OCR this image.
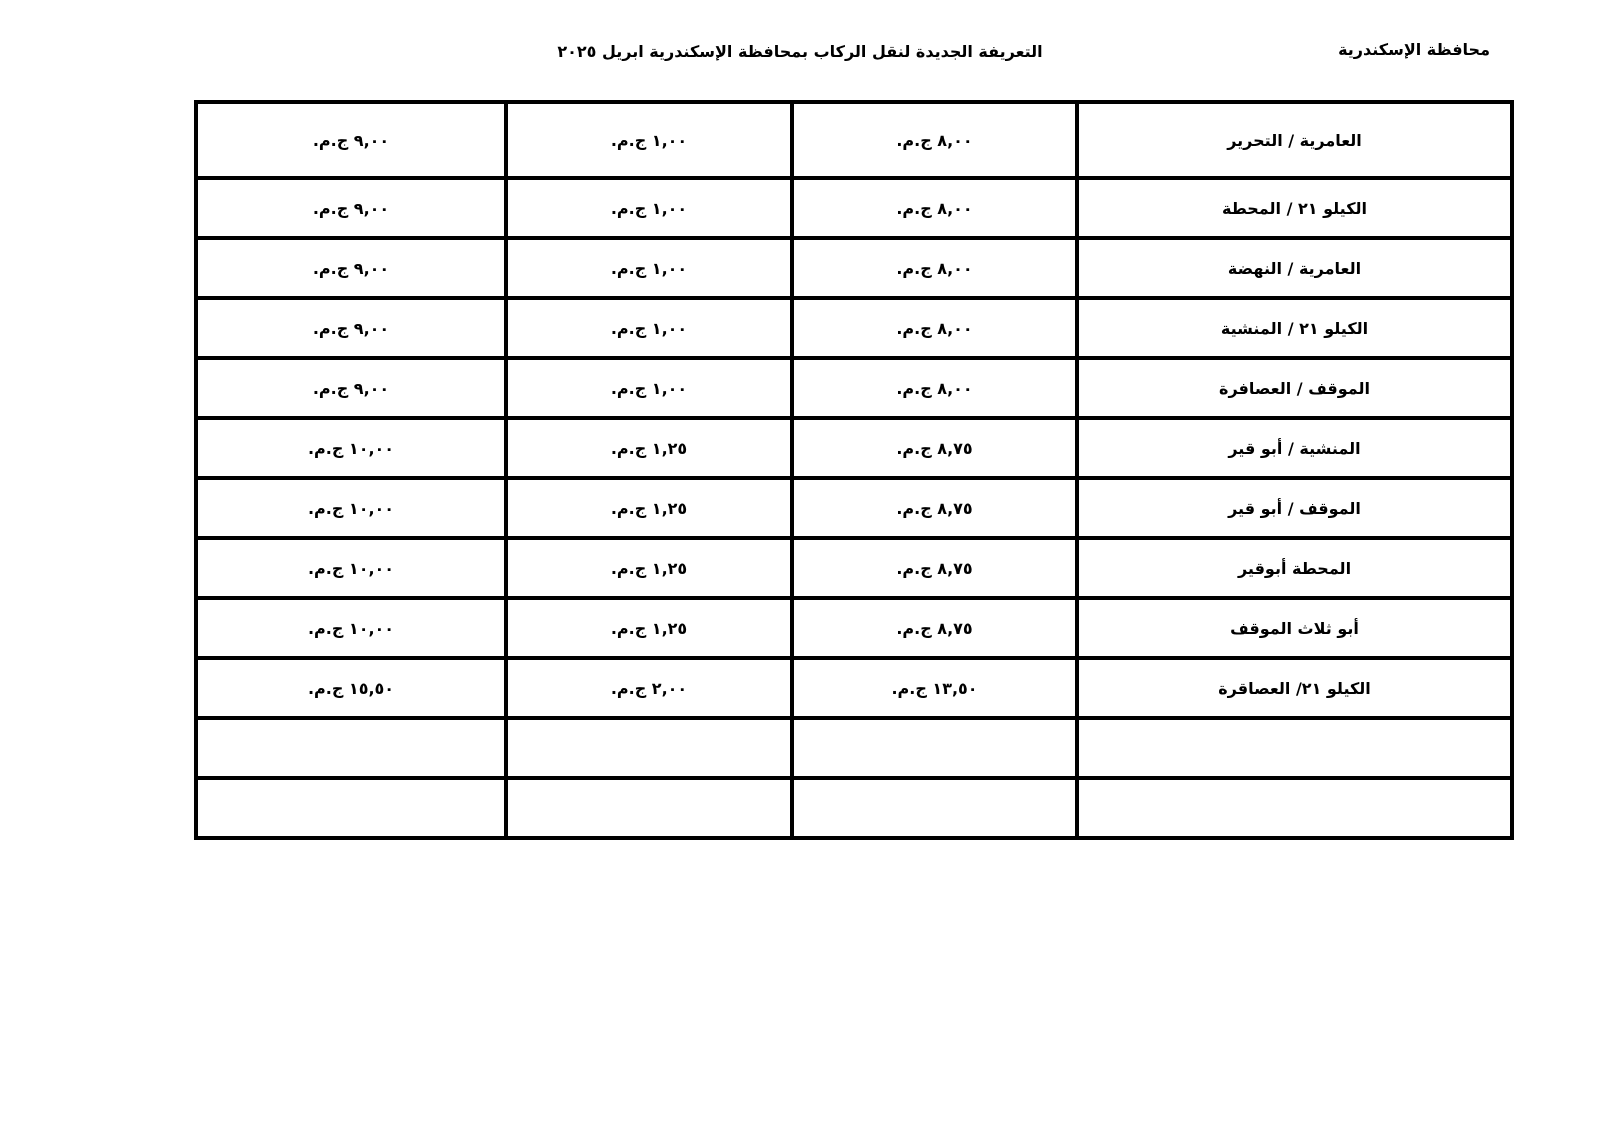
محافظة الإسكندرية
التعريفة الجديدة لنقل الركاب بمحافظة الإسكندرية ابريل ٢٠٢٥
٩,٠٠ ج.م.	١,٠٠ ج.م.	٨,٠٠ ج.م.	العامرية / التحرير
٩,٠٠ ج.م.	١,٠٠ ج.م.	٨,٠٠ ج.م.	الكيلو ٢١ / المحطة
٩,٠٠ ج.م.	١,٠٠ ج.م.	٨,٠٠ ج.م.	العامرية / النهضة
٩,٠٠ ج.م.	١,٠٠ ج.م.	٨,٠٠ ج.م.	الكيلو ٢١ / المنشية
٩,٠٠ ج.م.	١,٠٠ ج.م.	٨,٠٠ ج.م.	الموقف / العصافرة
١٠,٠٠ ج.م.	١,٢٥ ج.م.	٨,٧٥ ج.م.	المنشية / أبو قير
١٠,٠٠ ج.م.	١,٢٥ ج.م.	٨,٧٥ ج.م.	الموقف / أبو قير
١٠,٠٠ ج.م.	١,٢٥ ج.م.	٨,٧٥ ج.م.	المحطة أبوقير
١٠,٠٠ ج.م.	١,٢٥ ج.م.	٨,٧٥ ج.م.	أبو ثلاث الموقف
١٥,٥٠ ج.م.	٢,٠٠ ج.م.	١٣,٥٠ ج.م.	الكيلو ٢١/ العصاقرة
